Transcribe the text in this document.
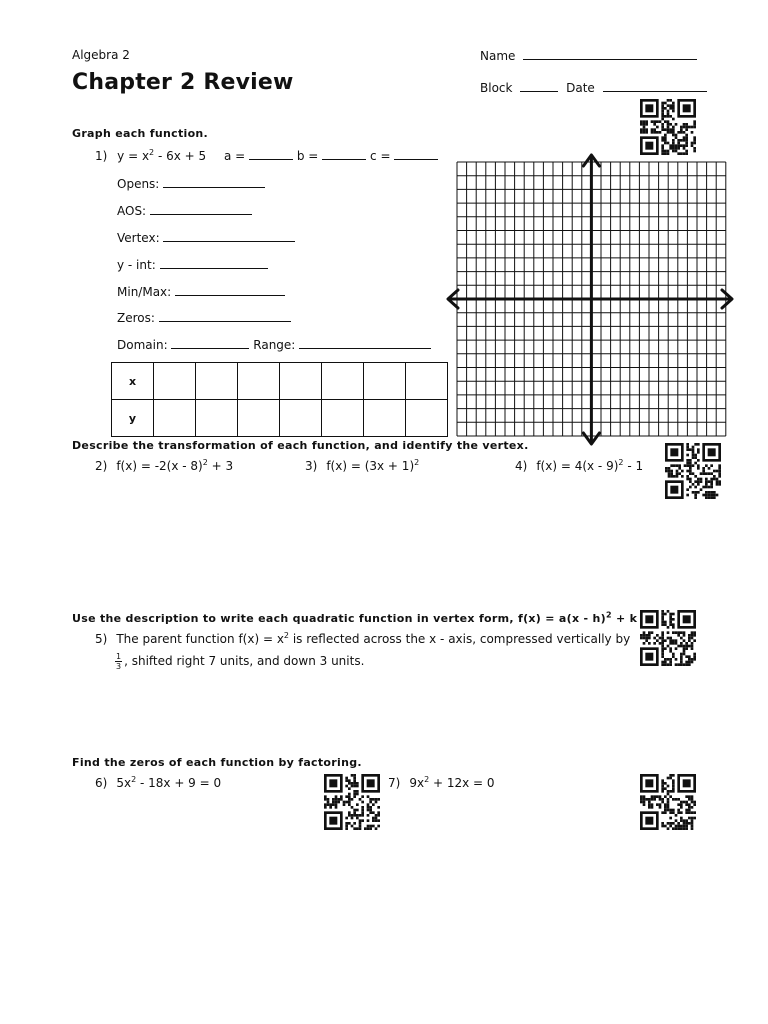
Algebra 2
Chapter 2 Review
Name
Block	Date
Graph each function.
1) $y = x^2 - 6x + 5$ a =	b =	c =
Opens:
AOS:
Vertex:
y - int:
Min/Max:
Zeros:
Domain:	Range:
x							
y							
Describe the transformation of each function, and identify the vertex.
2) f(x) = -2(x - 8)$^2$ + 3	3) $f(x) = (3x + 1)^2$	4) f(x) = 4(x - 9)$^2$ - 1
Use the description to write each quadratic function in vertex form, f(x) = a(x - h)$^2$ + k
5) The parent function $f(x) = x^2$ is reflected across the x - axis, compressed vertically by
$\frac{1}{3}$ , shifted right 7 units, and down 3 units.
Find the zeros of each function by factoring.
6) $5x^2 - 18x + 9 = 0$	7) $9x^2 + 12x = 0$
